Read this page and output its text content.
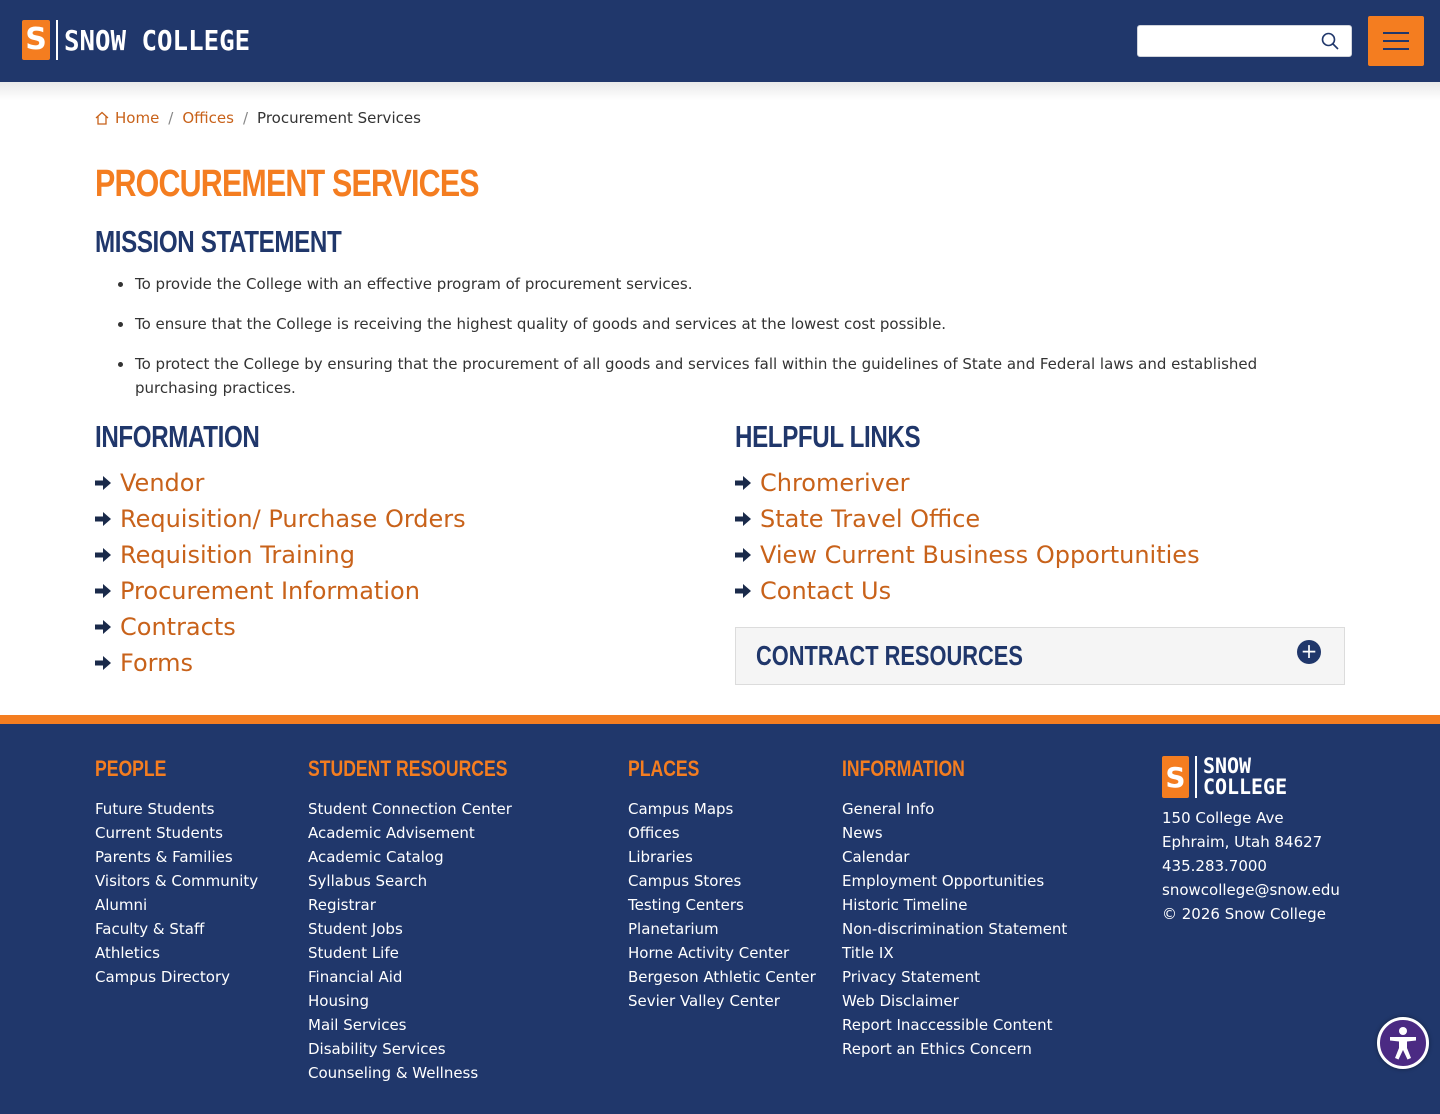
S SNOW COLLEGE
Home / Offices / Procurement Services
PROCUREMENT SERVICES
MISSION STATEMENT
To provide the College with an effective program of procurement services.
To ensure that the College is receiving the highest quality of goods and services at the lowest cost possible.
To protect the College by ensuring that the procurement of all goods and services fall within the guidelines of State and Federal laws and established purchasing practices.
INFORMATION	HELPFUL LINKS
Vendor
Requisition/ Purchase Orders
Requisition Training
Procurement Information
Contracts
Forms
Chromeriver
State Travel Office
View Current Business Opportunities
Contact Us
CONTRACT RESOURCES	+
PEOPLE
Future Students
Current Students
Parents & Families
Visitors & Community
Alumni
Faculty & Staff
Athletics
Campus Directory
STUDENT RESOURCES
Student Connection Center
Academic Advisement
Academic Catalog
Syllabus Search
Registrar
Student Jobs
Student Life
Financial Aid
Housing
Mail Services
Disability Services
Counseling & Wellness
PLACES
Campus Maps
Offices
Libraries
Campus Stores
Testing Centers
Planetarium
Horne Activity Center
Bergeson Athletic Center
Sevier Valley Center
INFORMATION
General Info
News
Calendar
Employment Opportunities
Historic Timeline
Non-discrimination Statement
Title IX
Privacy Statement
Web Disclaimer
Report Inaccessible Content
Report an Ethics Concern
S SNOW
COLLEGE
150 College Ave
Ephraim, Utah 84627
435.283.7000
snowcollege@snow.edu
© 2026 Snow College
